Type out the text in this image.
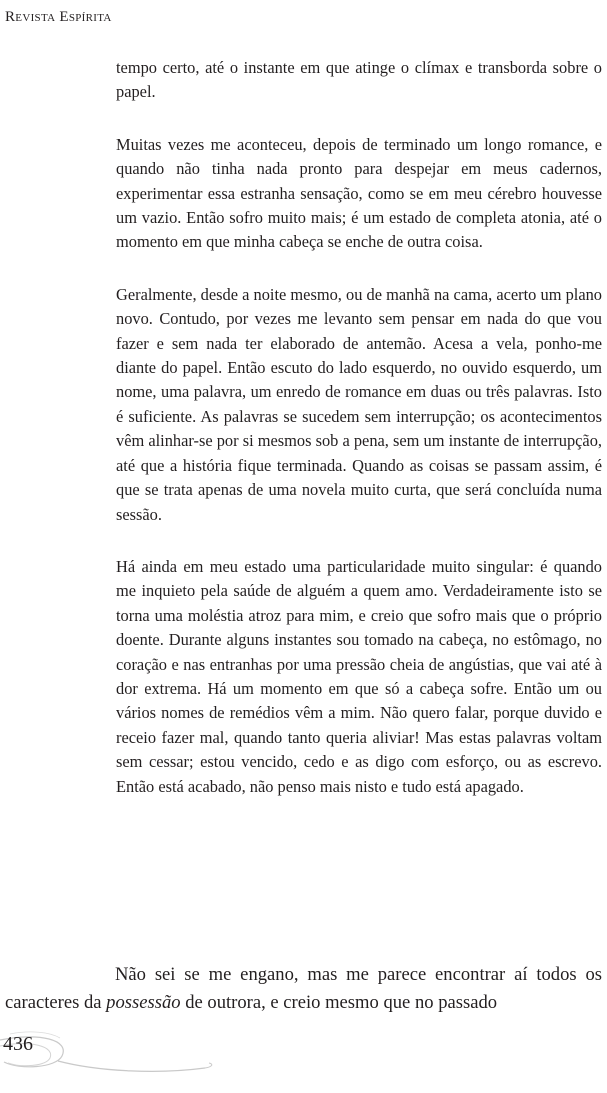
Revista Espírita

tempo certo, até o instante em que atinge o clímax e transborda sobre o papel.

Muitas vezes me aconteceu, depois de terminado um longo romance, e quando não tinha nada pronto para despejar em meus cadernos, experimentar essa estranha sensação, como se em meu cérebro houvesse um vazio. Então sofro muito mais; é um estado de completa atonia, até o momento em que minha cabeça se enche de outra coisa.

Geralmente, desde a noite mesmo, ou de manhã na cama, acerto um plano novo. Contudo, por vezes me levanto sem pensar em nada do que vou fazer e sem nada ter elaborado de antemão. Acesa a vela, ponho-me diante do papel. Então escuto do lado esquerdo, no ouvido esquerdo, um nome, uma palavra, um enredo de romance em duas ou três palavras. Isto é suficiente. As palavras se sucedem sem interrupção; os acontecimentos vêm alinhar-se por si mesmos sob a pena, sem um instante de interrupção, até que a história fique terminada. Quando as coisas se passam assim, é que se trata apenas de uma novela muito curta, que será concluída numa sessão.

Há ainda em meu estado uma particularidade muito singular: é quando me inquieto pela saúde de alguém a quem amo. Verdadeiramente isto se torna uma moléstia atroz para mim, e creio que sofro mais que o próprio doente. Durante alguns instantes sou tomado na cabeça, no estômago, no coração e nas entranhas por uma pressão cheia de angústias, que vai até à dor extrema. Há um momento em que só a cabeça sofre. Então um ou vários nomes de remédios vêm a mim. Não quero falar, porque duvido e receio fazer mal, quando tanto queria aliviar! Mas estas palavras voltam sem cessar; estou vencido, cedo e as digo com esforço, ou as escrevo. Então está acabado, não penso mais nisto e tudo está apagado.

Não sei se me engano, mas me parece encontrar aí todos os caracteres da possessão de outrora, e creio mesmo que no passado

436
